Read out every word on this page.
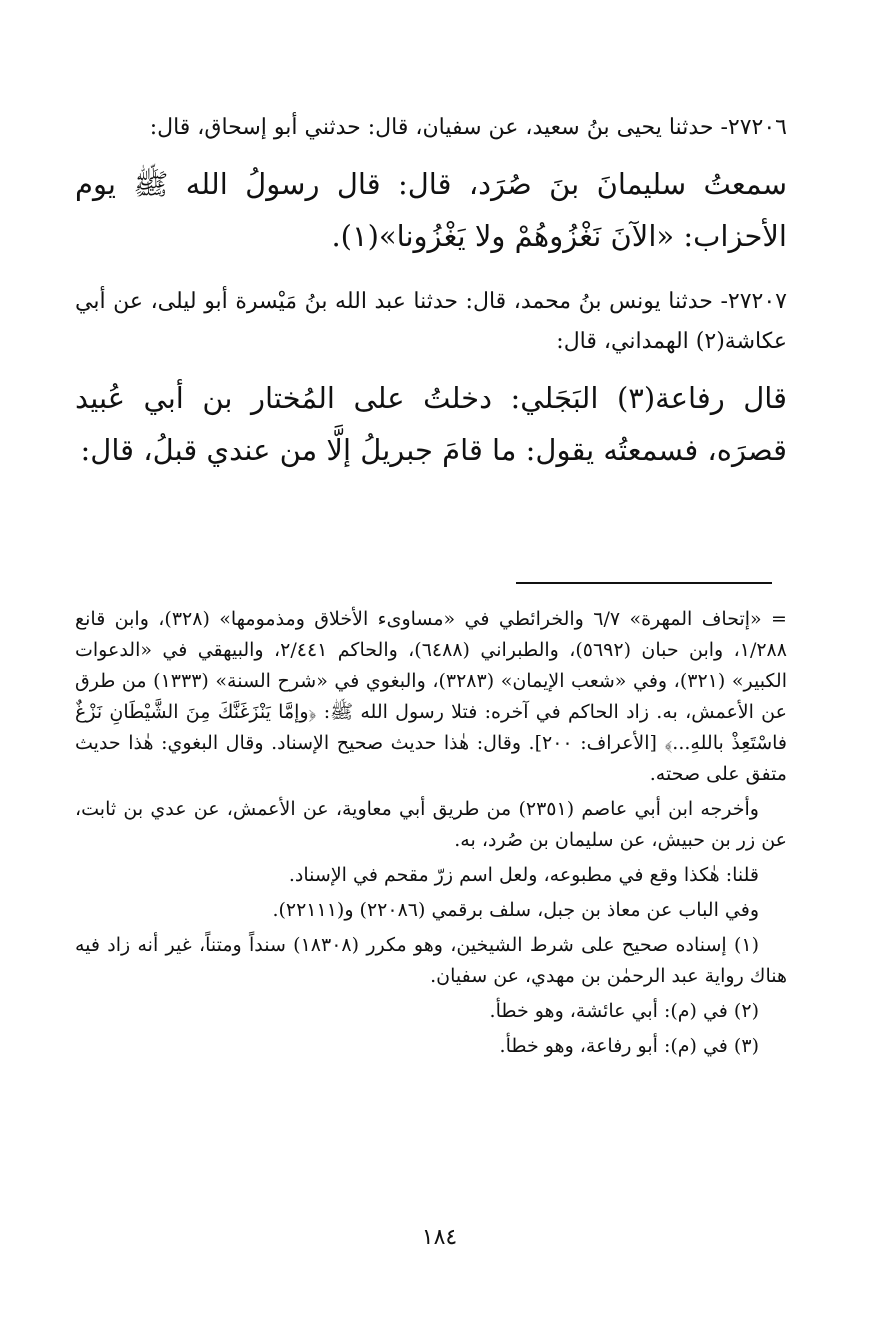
٢٧٢٠٦- حدثنا يحيى بنُ سعيد، عن سفيان، قال: حدثني أبو إسحاق، قال:

سمعتُ سليمانَ بنَ صُرَد، قال: قال رسولُ الله ﷺ يوم الأحزاب: «الآنَ نَغْزُوهُمْ ولا يَغْزُونا»(١).

٢٧٢٠٧- حدثنا يونس بنُ محمد، قال: حدثنا عبد الله بنُ مَيْسرة أبو ليلى، عن أبي عكاشة(٢) الهمداني، قال:

قال رفاعة(٣) البَجَلي: دخلتُ على المُختار بن أبي عُبيد قصرَه، فسمعتُه يقول: ما قامَ جبريلُ إلَّا من عندي قبلُ، قال:

= «إتحاف المهرة» ٦/٧ والخرائطي في «مساوىء الأخلاق ومذمومها» (٣٢٨)، وابن قانع ١/٢٨٨، وابن حبان (٥٦٩٢)، والطبراني (٦٤٨٨)، والحاكم ٢/٤٤١، والبيهقي في «الدعوات الكبير» (٣٢١)، وفي «شعب الإيمان» (٣٢٨٣)، والبغوي في «شرح السنة» (١٣٣٣) من طرق عن الأعمش، به. زاد الحاكم في آخره: فتلا رسول الله ﷺ: ﴿وإمَّا يَنْزَغَنَّكَ مِنَ الشَّيْطَانِ نَزْغٌ فاسْتَعِذْ باللهِ...﴾ [الأعراف: ٢٠٠]. وقال: هٰذا حديث صحيح الإسناد. وقال البغوي: هٰذا حديث متفق على صحته.

وأخرجه ابن أبي عاصم (٢٣٥١) من طريق أبي معاوية، عن الأعمش، عن عدي بن ثابت، عن زر بن حبيش، عن سليمان بن صُرد، به.

قلنا: هٰكذا وقع في مطبوعه، ولعل اسم زرّ مقحم في الإسناد.

وفي الباب عن معاذ بن جبل، سلف برقمي (٢٢٠٨٦) و(٢٢١١١).

(١) إسناده صحيح على شرط الشيخين، وهو مكرر (١٨٣٠٨) سنداً ومتناً، غير أنه زاد فيه هناك رواية عبد الرحمٰن بن مهدي، عن سفيان.

(٢) في (م): أبي عائشة، وهو خطأ.

(٣) في (م): أبو رفاعة، وهو خطأ.

١٨٤
